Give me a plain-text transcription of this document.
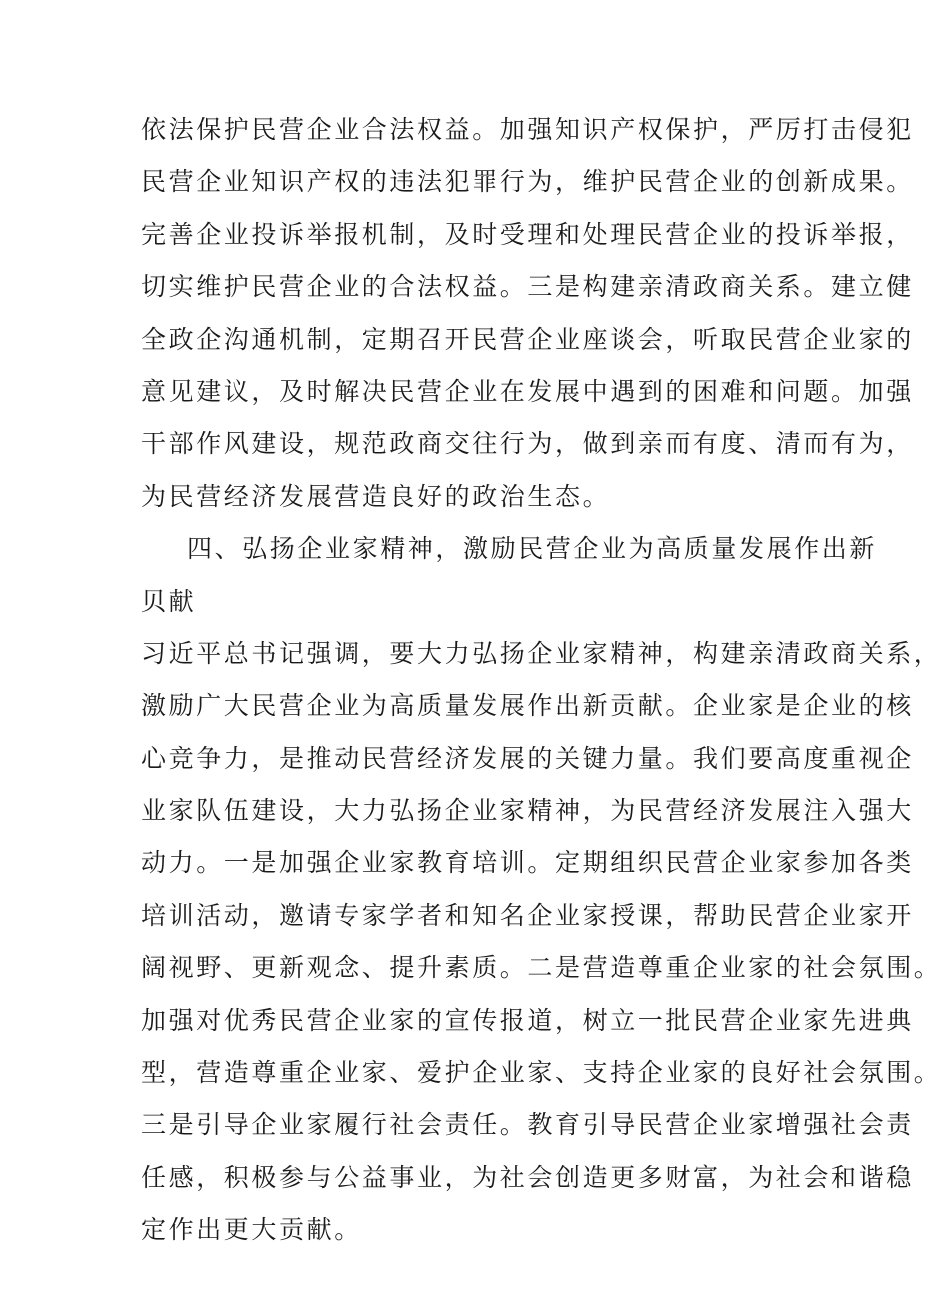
依法保护民营企业合法权益。加强知识产权保护，严厉打击侵犯
民营企业知识产权的违法犯罪行为，维护民营企业的创新成果。
完善企业投诉举报机制，及时受理和处理民营企业的投诉举报，
切实维护民营企业的合法权益。三是构建亲清政商关系。建立健
全政企沟通机制，定期召开民营企业座谈会，听取民营企业家的
意见建议，及时解决民营企业在发展中遇到的困难和问题。加强
干部作风建设，规范政商交往行为，做到亲而有度、清而有为，
为民营经济发展营造良好的政治生态。
四、弘扬企业家精神，激励民营企业为高质量发展作出新
贝献
习近平总书记强调，要大力弘扬企业家精神，构建亲清政商关系，
激励广大民营企业为高质量发展作出新贡献。企业家是企业的核
心竞争力，是推动民营经济发展的关键力量。我们要高度重视企
业家队伍建设，大力弘扬企业家精神，为民营经济发展注入强大
动力。一是加强企业家教育培训。定期组织民营企业家参加各类
培训活动，邀请专家学者和知名企业家授课，帮助民营企业家开
阔视野、更新观念、提升素质。二是营造尊重企业家的社会氛围。
加强对优秀民营企业家的宣传报道，树立一批民营企业家先进典
型，营造尊重企业家、爱护企业家、支持企业家的良好社会氛围。
三是引导企业家履行社会责任。教育引导民营企业家增强社会责
任感，积极参与公益事业，为社会创造更多财富，为社会和谐稳
定作出更大贡献。
